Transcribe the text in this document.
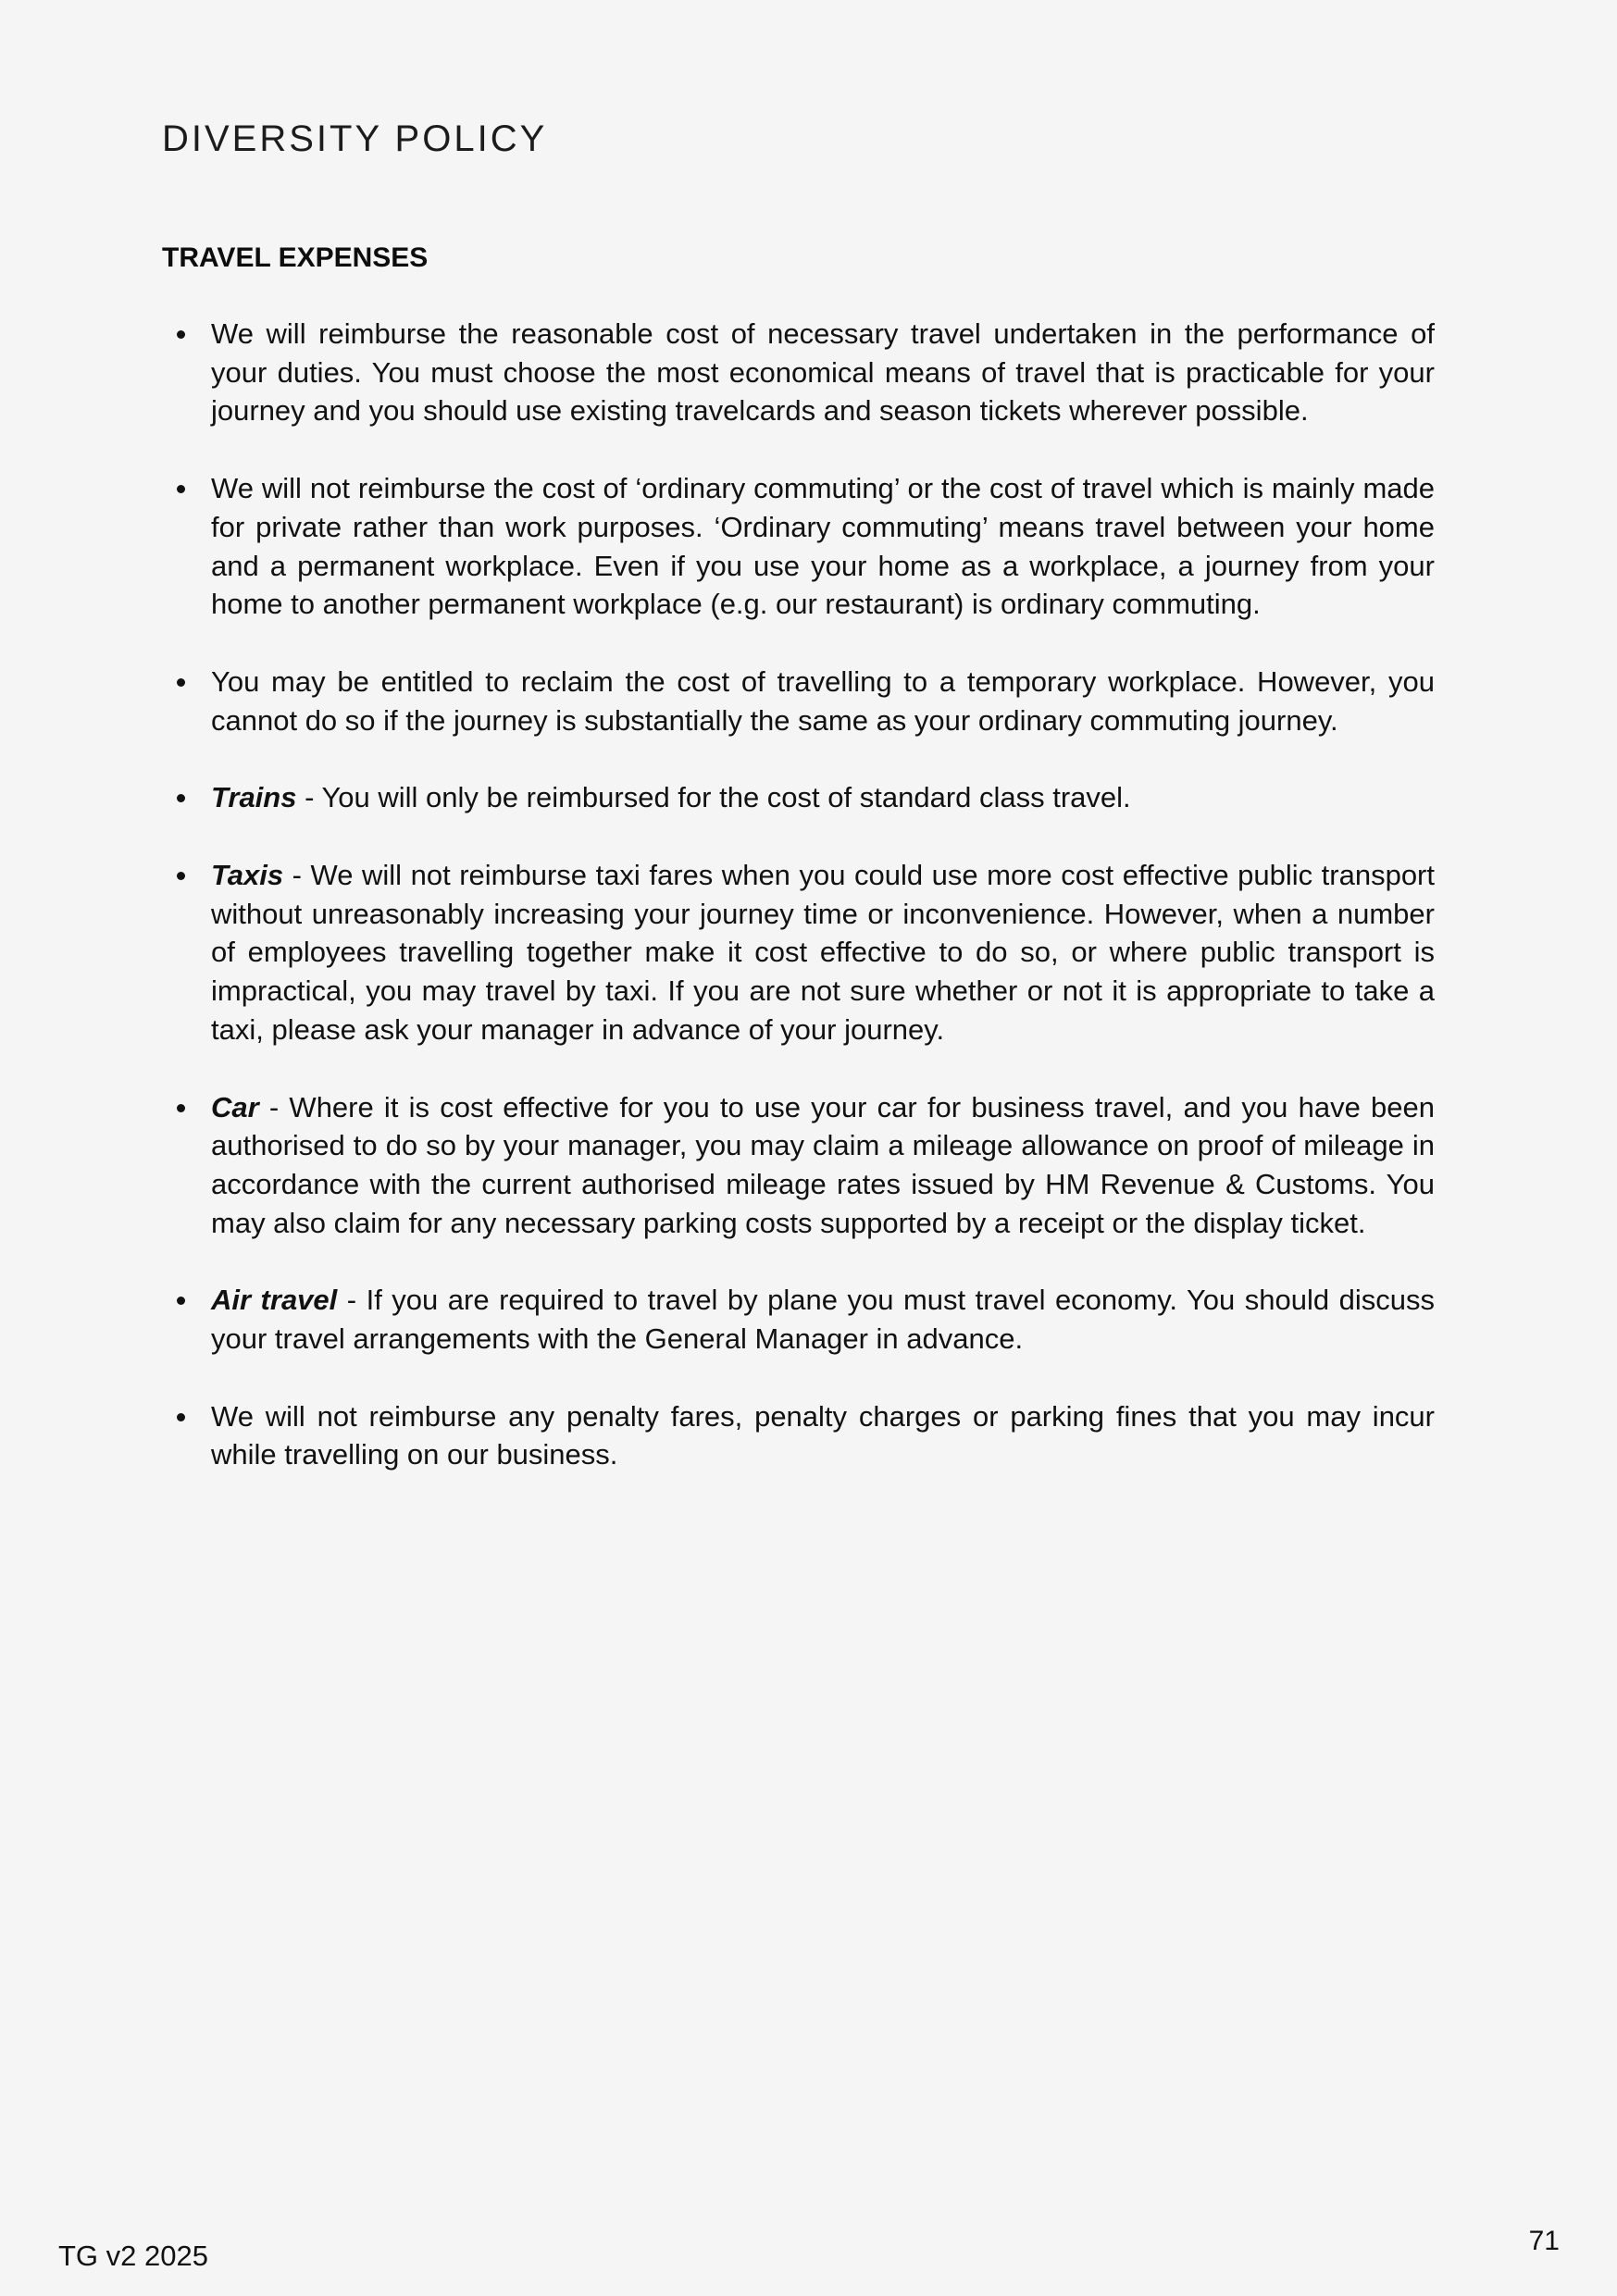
DIVERSITY POLICY
TRAVEL EXPENSES
We will reimburse the reasonable cost of necessary travel undertaken in the performance of your duties. You must choose the most economical means of travel that is practicable for your journey and you should use existing travelcards and season tickets wherever possible.
We will not reimburse the cost of ‘ordinary commuting’ or the cost of travel which is mainly made for private rather than work purposes. ‘Ordinary commuting’ means travel between your home and a permanent workplace. Even if you use your home as a workplace, a journey from your home to another permanent workplace (e.g. our restaurant) is ordinary commuting.
You may be entitled to reclaim the cost of travelling to a temporary workplace. However, you cannot do so if the journey is substantially the same as your ordinary commuting journey.
Trains - You will only be reimbursed for the cost of standard class travel.
Taxis - We will not reimburse taxi fares when you could use more cost effective public transport without unreasonably increasing your journey time or inconvenience. However, when a number of employees travelling together make it cost effective to do so, or where public transport is impractical, you may travel by taxi. If you are not sure whether or not it is appropriate to take a taxi, please ask your manager in advance of your journey.
Car - Where it is cost effective for you to use your car for business travel, and you have been authorised to do so by your manager, you may claim a mileage allowance on proof of mileage in accordance with the current authorised mileage rates issued by HM Revenue & Customs. You may also claim for any necessary parking costs supported by a receipt or the display ticket.
Air travel - If you are required to travel by plane you must travel economy. You should discuss your travel arrangements with the General Manager in advance.
We will not reimburse any penalty fares, penalty charges or parking fines that you may incur while travelling on our business.

TG v2 2025	71
